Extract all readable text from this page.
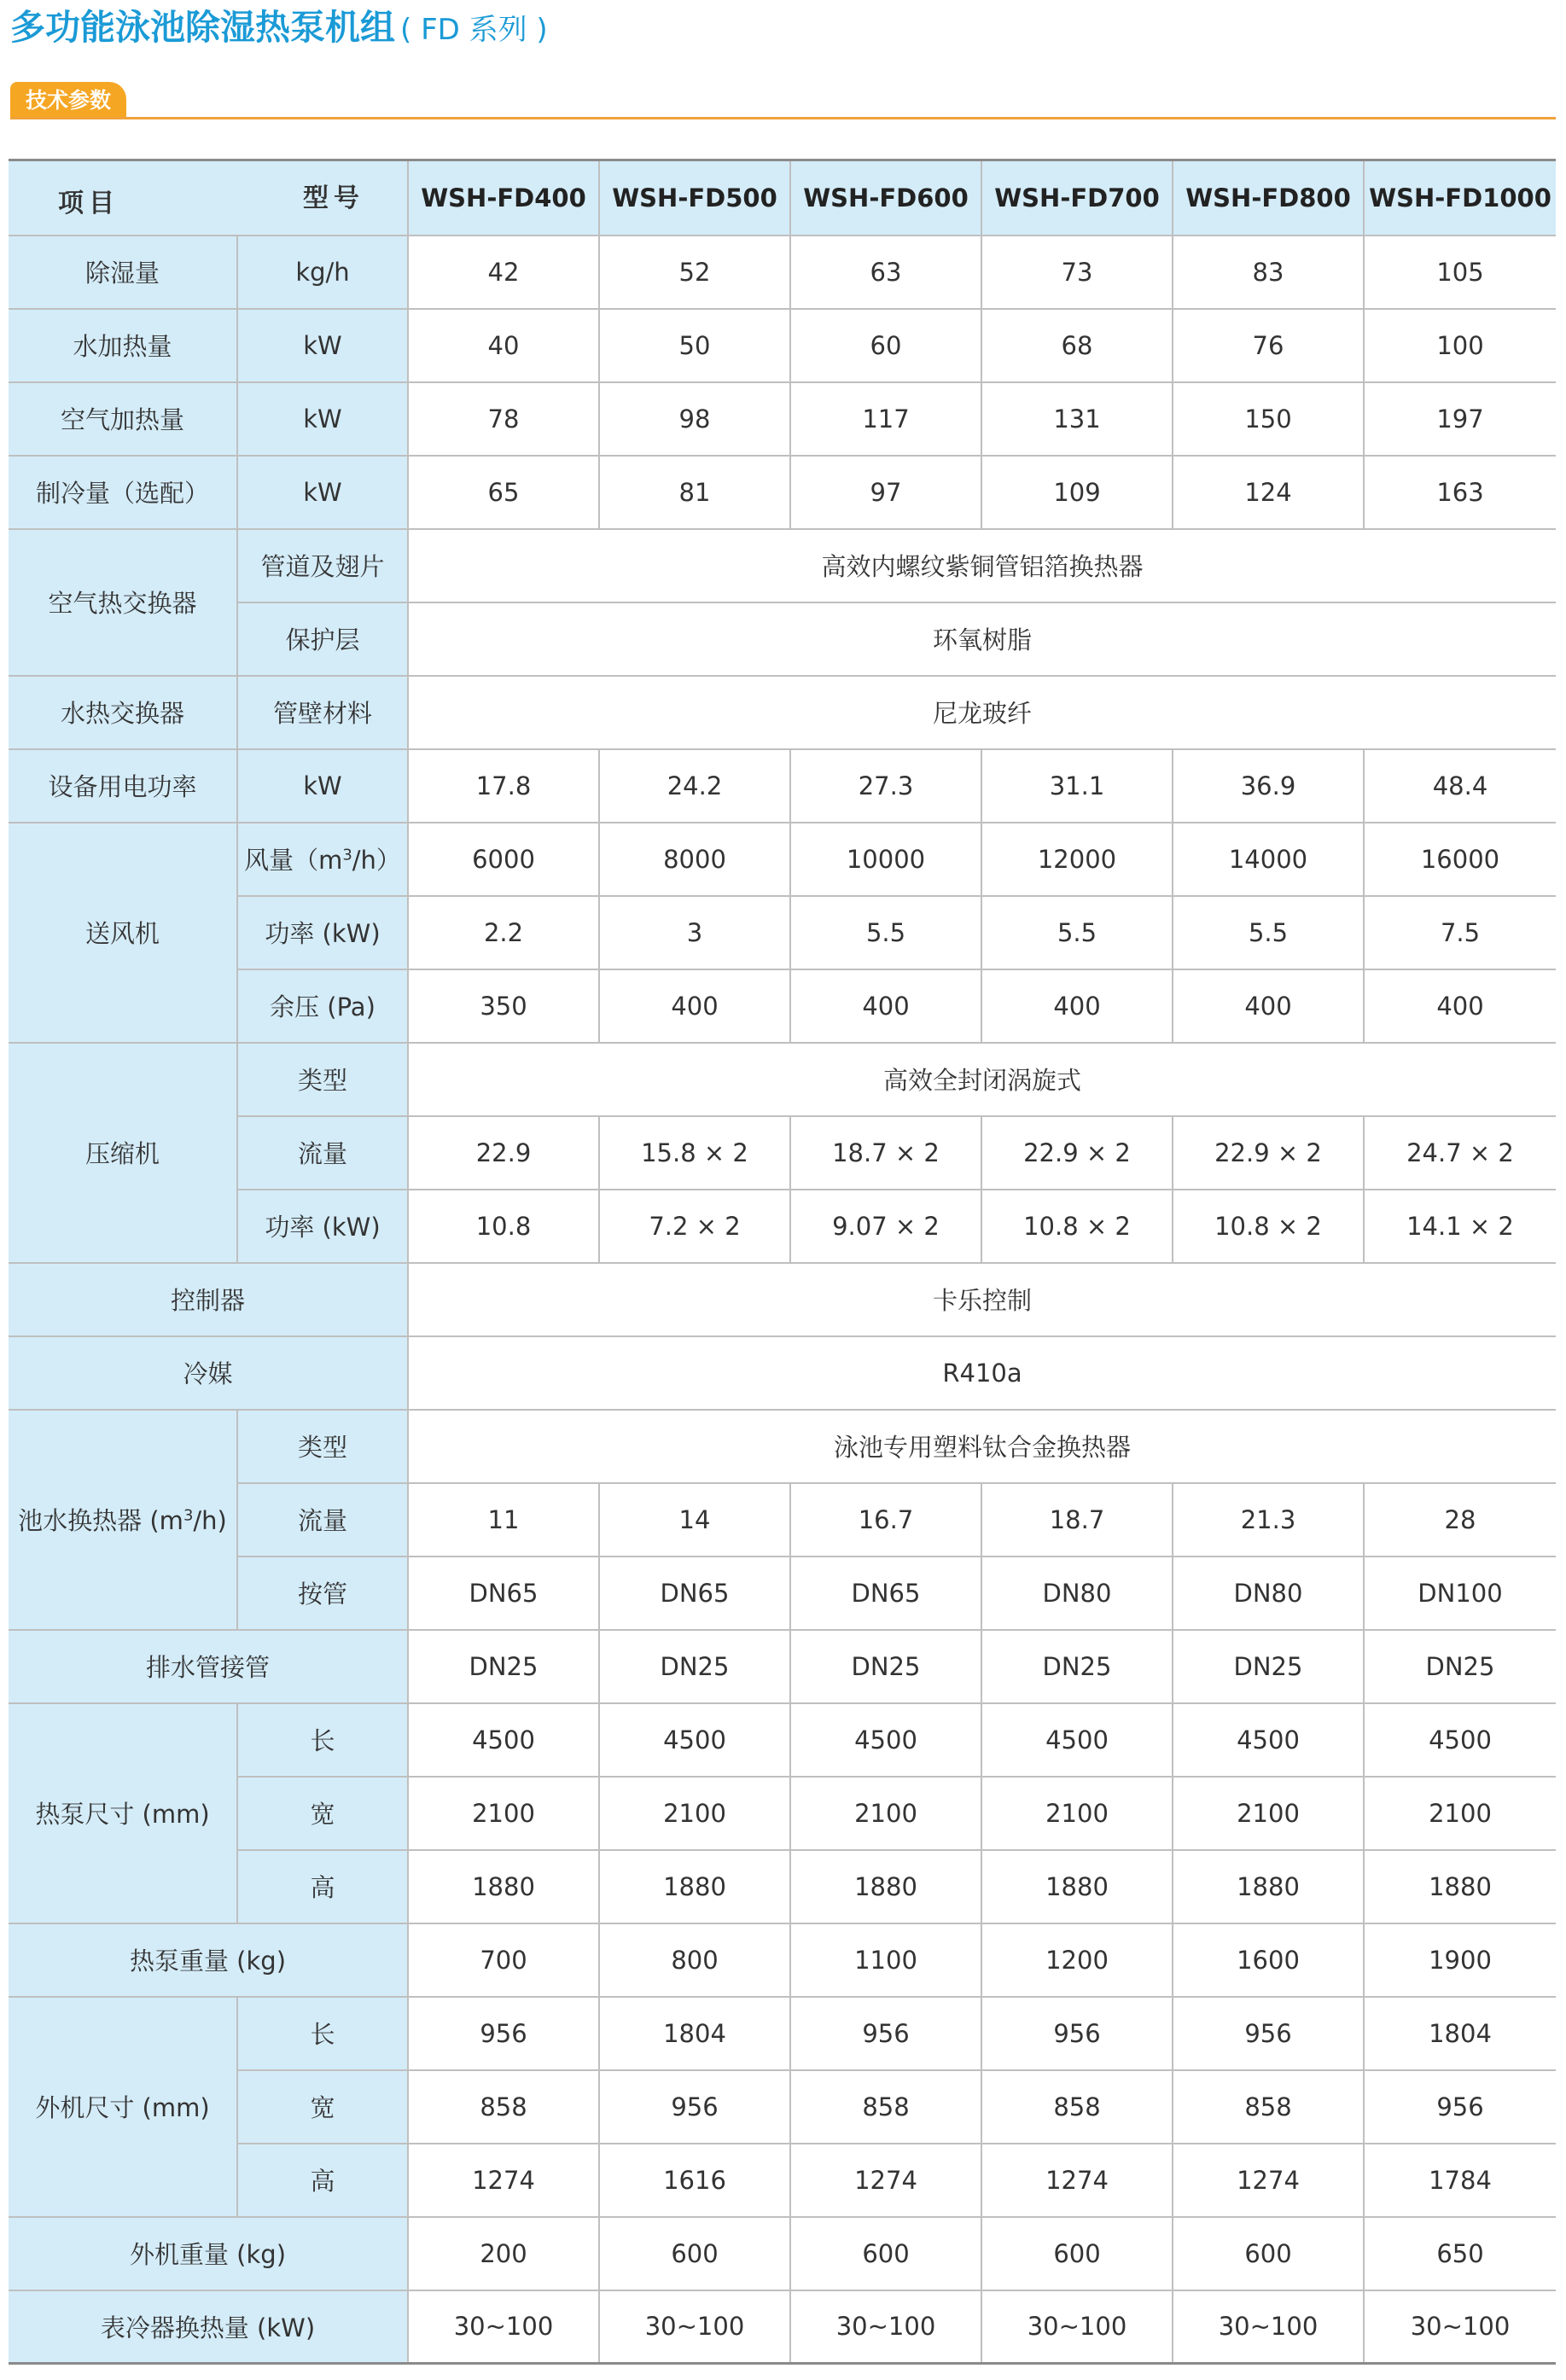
多功能泳池除湿热泵机组 ( FD 系列 )
技术参数
型号
项目		WSH-FD400	WSH-FD500	WSH-FD600	WSH-FD700	WSH-FD800	WSH-FD1000
除湿量	kg/h	42	52	63	73	83	105
水加热量	kW	40	50	60	68	76	100
空气加热量	kW	78	98	117	131	150	197
制冷量（选配）	kW	65	81	97	109	124	163
空气热交换器	管道及翅片	高效内螺纹紫铜管铝箔换热器					
	保护层	环氧树脂					
水热交换器	管壁材料	尼龙玻纤					
设备用电功率	kW	17.8	24.2	27.3	31.1	36.9	48.4
送风机	风量$(m^3/h)$	6000	8000	10000	12000	14000	16000
	功率 (kW)	2.2	3	5.5	5.5	5.5	7.5
	余压 (Pa)	350	400	400	400	400	400
压缩机	类型	高效全封闭涡旋式					
	流量	22.9	15.8 × 2	18.7 × 2	22.9 × 2	22.9 × 2	24.7 × 2
	功率 (kW)	10.8	7.2 × 2	9.07 × 2	10.8 × 2	10.8 × 2	14.1 × 2
控制器		卡乐控制					
冷媒		R410a					
池水换热器 $(m^3/h)$	类型	泳池专用塑料钛合金换热器					
	流量	11	14	16.7	18.7	21.3	28
	按管	DN65	DN65	DN65	DN80	DN80	DN100
排水管接管		DN25	DN25	DN25	DN25	DN25	DN25
热泵尺寸 (mm)	长	4500	4500	4500	4500	4500	4500
	宽	2100	2100	2100	2100	2100	2100
	高	1880	1880	1880	1880	1880	1880
热泵重量 (kg)		700	800	1100	1200	1600	1900
外机尺寸 (mm)	长	956	1804	956	956	956	1804
	宽	858	956	858	858	858	956
	高	1274	1616	1274	1274	1274	1784
外机重量 (kg)		200	600	600	600	600	650
表冷器换热量 (kW)		30~100	30~100	30~100	30~100	30~100	30~100
